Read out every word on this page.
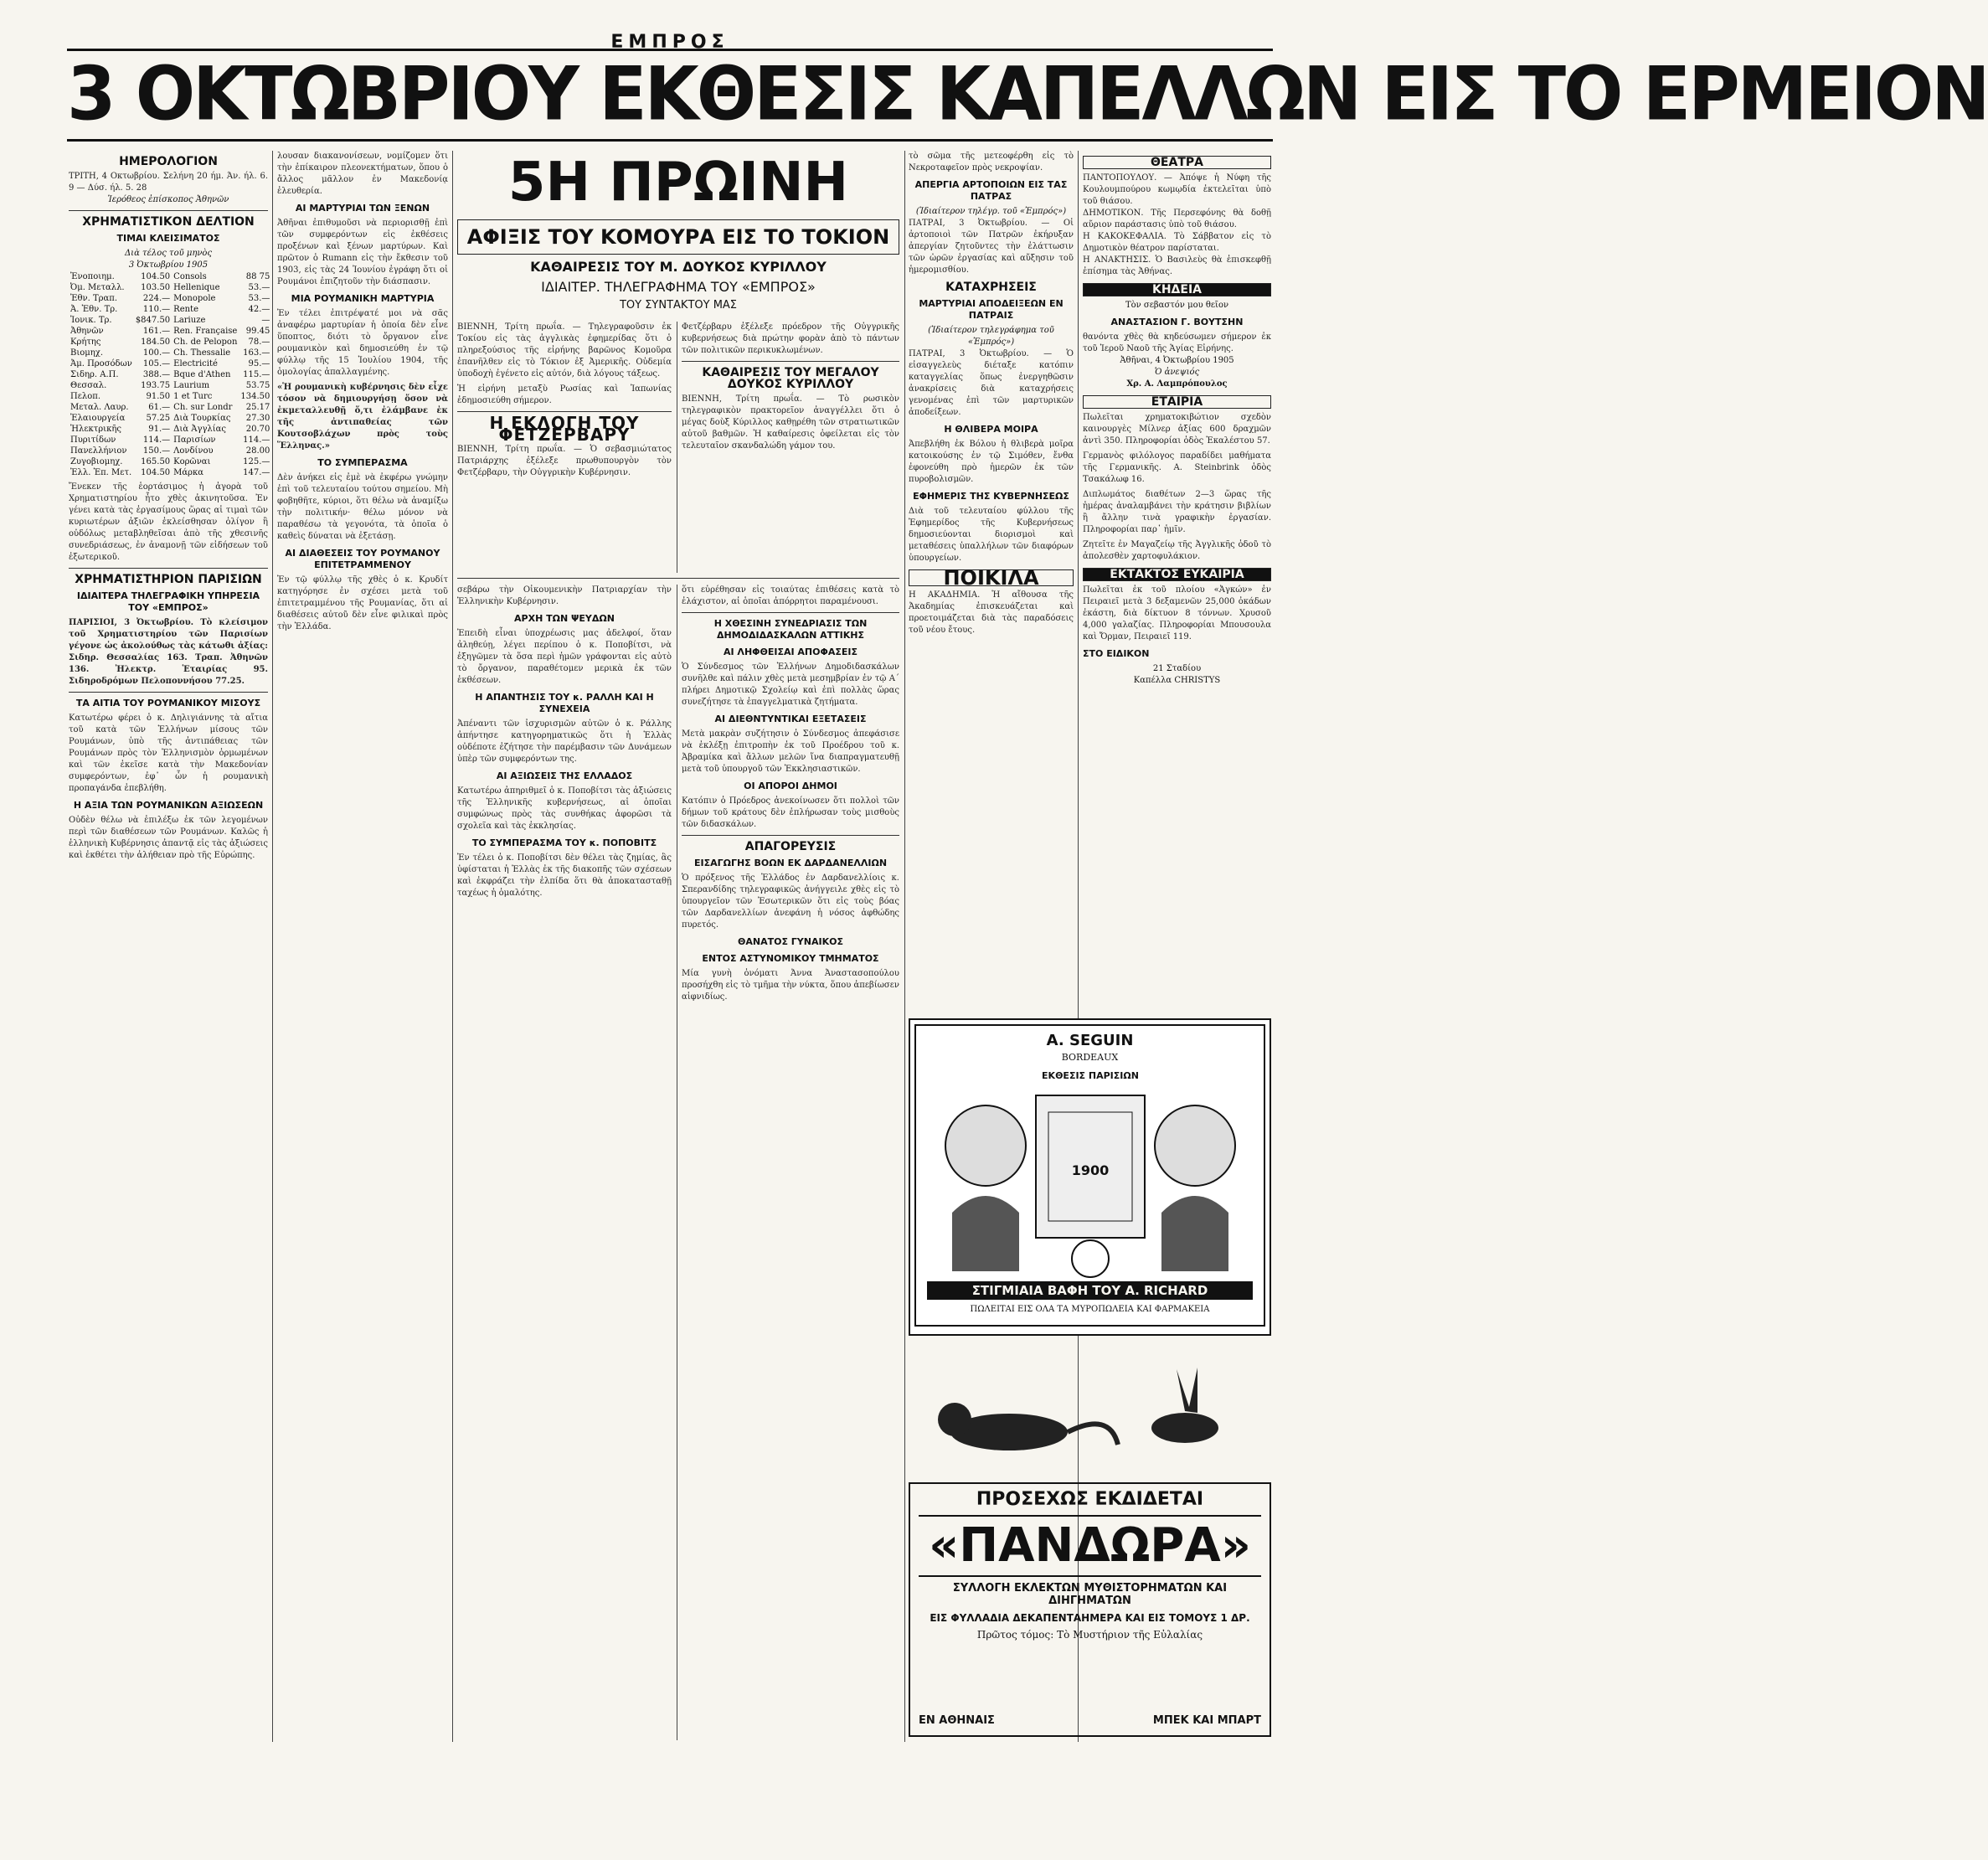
ΕΜΠΡΟΣ
3 ΟΚΤΩΒΡΙΟΥ ΕΚΘΕΣΙΣ ΚΑΠΕΛΛΩΝ ΕΙΣ ΤΟ ΕΡΜΕΙΟΝ
ΗΜΕΡΟΛΟΓΙΟΝ
ΤΡΙΤΗ, 4 Οκτωβρίου. Σελήνη 20 ήμ. Άν. ήλ. 6. 9 — Δύσ. ήλ. 5. 28
Ἱερόθεος ἐπίσκοπος Ἀθηνῶν
ΧΡΗΜΑΤΙΣΤΙΚΟΝ ΔΕΛΤΙΟΝ
ΤΙΜΑΙ ΚΛΕΙΣΙΜΑΤΟΣ
Διὰ τέλος τοῦ μηνὸς
3 Ὀκτωβρίου 1905
Ἐνοποιημ.	104.50	Consols	88 75
Ὀμ. Μεταλλ.	103.50	Hellenique	53.—
Ἐθν. Τραπ.	224.—	Monopole	53.—
Ἀ. Ἐθν. Τρ.	110.—	Rente	42.—
Ἰονικ. Τρ.	$847.50	Lariuze	—
Ἀθηνῶν	161.—	Ren. Française	99.45
Κρήτης	184.50	Ch. de Pelopon	78.—
Βιομηχ.	100.—	Ch. Thessalie	163.—
Ἀμ. Προσόδων	105.—	Electricité	95.—
Σιδηρ. Α.Π.	388.—	Bque d'Athen	115.—
Θεσσαλ.	193.75	Laurium	53.75
Πελοπ.	91.50	1 et Turc	134.50
Μεταλ. Λαυρ.	61.—	Ch. sur Londr	25.17
Ἐλαιουργεία	57.25	Διὰ Τουρκίας	27.30
Ἠλεκτρικῆς	91.—	Διὰ Ἀγγλίας	20.70
Πυριτίδων	114.—	Παρισίων	114.—
Πανελλήνιον	150.—	Λονδίνου	28.00
Ζυγοβιομηχ.	165.50	Κορῶναι	125.—
Ἐλλ. Ἐπ. Μετ.	104.50	Μάρκα	147.—
Ἔνεκεν τῆς ἑορτάσιμος ἡ ἀγορὰ τοῦ Χρηματιστηρίου ἦτο χθὲς ἀκινητοῦσα. Ἐν γένει κατὰ τὰς ἐργασίμους ὥρας αἱ τιμαὶ τῶν κυριωτέρων ἀξιῶν ἐκλείσθησαν ὀλίγον ἢ οὐδόλως μεταβληθεῖσαι ἀπὸ τῆς χθεσινῆς συνεδριάσεως, ἐν ἀναμονῇ τῶν εἰδήσεων τοῦ ἐξωτερικοῦ.
ΧΡΗΜΑΤΙΣΤΗΡΙΟΝ ΠΑΡΙΣΙΩΝ
ΙΔΙΑΙΤΕΡΑ ΤΗΛΕΓΡΑΦΙΚΗ ΥΠΗΡΕΣΙΑ ΤΟΥ «ΕΜΠΡΟΣ»
ΠΑΡΙΣΙΟΙ, 3 Ὀκτωβρίου. Τὸ κλείσιμον τοῦ Χρηματιστηρίου τῶν Παρισίων γέγονε ὡς ἀκολούθως τὰς κάτωθι ἀξίας: Σιδηρ. Θεσσαλίας 163. Τραπ. Ἀθηνῶν 136. Ἠλεκτρ. Ἑταιρίας 95. Σιδηροδρόμων Πελοποννήσου 77.25.
ΤΑ ΑΙΤΙΑ ΤΟΥ ΡΟΥΜΑΝΙΚΟΥ ΜΙΣΟΥΣ
Κατωτέρω φέρει ὁ κ. Δηλιγιάννης τὰ αἴτια τοῦ κατὰ τῶν Ἑλλήνων μίσους τῶν Ρουμάνων, ὑπὸ τῆς ἀντιπάθειας τῶν Ρουμάνων πρὸς τὸν Ἑλληνισμὸν ὁρμωμένων καὶ τῶν ἐκεῖσε κατὰ τὴν Μακεδονίαν συμφερόντων, ἐφ᾽ ὧν ἡ ρουμανικὴ προπαγάνδα ἐπεβλήθη.
Η ΑΞΙΑ ΤΩΝ ΡΟΥΜΑΝΙΚΩΝ ΑΞΙΩΣΕΩΝ
Οὐδὲν θέλω νὰ ἐπιλέξω ἐκ τῶν λεγομένων περὶ τῶν διαθέσεων τῶν Ρουμάνων. Καλῶς ἡ ἑλληνικὴ Κυβέρνησις ἀπαντᾷ εἰς τὰς ἀξιώσεις καὶ ἐκθέτει τὴν ἀλήθειαν πρὸ τῆς Εὐρώπης.
λουσαν διακανονίσεων, νομίζομεν ὅτι τὴν ἐπίκαιρον πλεονεκτήματων, ὅπου ὁ ἄλλος μᾶλλον ἐν Μακεδονίᾳ ἐλευθερία.
ΑΙ ΜΑΡΤΥΡΙΑΙ ΤΩΝ ΞΕΝΩΝ
Ἀθῆναι ἐπιθυμοῦσι νὰ περιορισθῇ ἐπὶ τῶν συμφερόντων εἰς ἐκθέσεις προξένων καὶ ξένων μαρτύρων. Καὶ πρῶτον ὁ Rumann εἰς τὴν ἔκθεσιν τοῦ 1903, εἰς τὰς 24 Ἰουνίου ἐγράφη ὅτι οἱ Ρουμάνοι ἐπιζητοῦν τὴν διάσπασιν.
ΜΙΑ ΡΟΥΜΑΝΙΚΗ ΜΑΡΤΥΡΙΑ
Ἐν τέλει ἐπιτρέψατέ μοι νὰ σᾶς ἀναφέρω μαρτυρίαν ἡ ὁποία δὲν εἶνε ὕποπτος, διότι τὸ ὄργανον εἶνε ρουμανικὸν καὶ δημοσιεύθη ἐν τῷ φύλλῳ τῆς 15 Ἰουλίου 1904, τῆς ὁμολογίας ἀπαλλαγμένης.
«Ἡ ρουμανικὴ κυβέρνησις δὲν εἶχε τόσον νὰ δημιουργήσῃ ὅσον νὰ ἐκμεταλλευθῇ ὅ,τι ἐλάμβανε ἐκ τῆς ἀντιπαθείας τῶν Κουτσοβλάχων πρὸς τοὺς Ἕλληνας.»
ΤΟ ΣΥΜΠΕΡΑΣΜΑ
Δὲν ἀνήκει εἰς ἐμὲ νὰ ἐκφέρω γνώμην ἐπὶ τοῦ τελευταίου τούτου σημείου. Μὴ φοβηθῆτε, κύριοι, ὅτι θέλω νὰ ἀναμίξω τὴν πολιτικήν· θέλω μόνον νὰ παραθέσω τὰ γεγονότα, τὰ ὁποῖα ὁ καθεὶς δύναται νὰ ἐξετάσῃ.
ΑΙ ΔΙΑΘΕΣΕΙΣ ΤΟΥ ΡΟΥΜΑΝΟΥ ΕΠΙΤΕΤΡΑΜΜΕΝΟΥ
Ἐν τῷ φύλλῳ τῆς χθὲς ὁ κ. Κρυδίτ κατηγόρησε ἐν σχέσει μετὰ τοῦ ἐπιτετραμμένου τῆς Ρουμανίας, ὅτι αἱ διαθέσεις αὐτοῦ δὲν εἶνε φιλικαὶ πρὸς τὴν Ἑλλάδα.
5Η ΠΡΩΙΝΗ
ΑΦΙΞΙΣ ΤΟΥ ΚΟΜΟΥΡΑ ΕΙΣ ΤΟ ΤΟΚΙΟΝ
ΚΑΘΑΙΡΕΣΙΣ ΤΟΥ Μ. ΔΟΥΚΟΣ ΚΥΡΙΛΛΟΥ
ΙΔΙΑΙΤΕΡ. ΤΗΛΕΓΡΑΦΗΜΑ ΤΟΥ «ΕΜΠΡΟΣ»
ΤΟΥ ΣΥΝΤΑΚΤΟΥ ΜΑΣ
ΒΙΕΝΝΗ, Τρίτη πρωΐα. — Τηλεγραφοῦσιν ἐκ Τοκίου εἰς τὰς ἀγγλικὰς ἐφημερίδας ὅτι ὁ πληρεξούσιος τῆς εἰρήνης βαρῶνος Κομοῦρα ἐπανῆλθεν εἰς τὸ Τόκιον ἐξ Ἀμερικῆς. Οὐδεμία ὑποδοχὴ ἐγένετο εἰς αὐτόν, διὰ λόγους τάξεως.
Ἡ εἰρήνη μεταξὺ Ρωσίας καὶ Ἰαπωνίας ἐδημοσιεύθη σήμερον.
Η ΕΚΛΟΓΗ ΤΟΥ ΦΕΤΖΕΡΒΑΡΥ
ΒΙΕΝΝΗ, Τρίτη πρωΐα. — Ὁ σεβασμιώτατος Πατριάρχης ἐξέλεξε πρωθυπουργὸν τὸν Φετζέρβαρυ, τὴν Οὐγγρικὴν Κυβέρνησιν.
Φετζέρβαρυ ἐξέλεξε πρόεδρον τῆς Οὐγγρικῆς κυβερνήσεως διὰ πρώτην φορὰν ἀπὸ τὸ πάντων τῶν πολιτικῶν περικυκλωμένων.
ΚΑΘΑΙΡΕΣΙΣ ΤΟΥ ΜΕΓΑΛΟΥ ΔΟΥΚΟΣ ΚΥΡΙΛΛΟΥ
ΒΙΕΝΝΗ, Τρίτη πρωΐα. — Τὸ ρωσικὸν τηλεγραφικὸν πρακτορεῖον ἀναγγέλλει ὅτι ὁ μέγας δοὺξ Κύριλλος καθῃρέθη τῶν στρατιωτικῶν αὐτοῦ βαθμῶν. Ἡ καθαίρεσις ὀφείλεται εἰς τὸν τελευταῖον σκανδαλώδη γάμον του.
σεβάρω τὴν Οἰκουμενικὴν Πατριαρχίαν τὴν Ἑλληνικὴν Κυβέρνησιν.
ΑΡΧΗ ΤΩΝ ΨΕΥΔΩΝ
Ἐπειδὴ εἶναι ὑποχρέωσις μας ἀδελφοί, ὅταν ἀληθεύῃ, λέγει περίπου ὁ κ. Ποποβίτσι, νὰ ἐξηγῶμεν τὰ ὅσα περὶ ἡμῶν γράφονται εἰς αὐτὸ τὸ ὄργανον, παραθέτομεν μερικὰ ἐκ τῶν ἐκθέσεων.
Η ΑΠΑΝΤΗΣΙΣ ΤΟΥ κ. ΡΑΛΛΗ ΚΑΙ Η ΣΥΝΕΧΕΙΑ
Ἀπέναντι τῶν ἰσχυρισμῶν αὐτῶν ὁ κ. Ράλλης ἀπήντησε κατηγορηματικῶς ὅτι ἡ Ἑλλὰς οὐδέποτε ἐζήτησε τὴν παρέμβασιν τῶν Δυνάμεων ὑπὲρ τῶν συμφερόντων της.
ΑΙ ΑΞΙΩΣΕΙΣ ΤΗΣ ΕΛΛΑΔΟΣ
Κατωτέρω ἀπηριθμεῖ ὁ κ. Ποποβίτσι τὰς ἀξιώσεις τῆς Ἑλληνικῆς κυβερνήσεως, αἱ ὁποῖαι συμφώνως πρὸς τὰς συνθήκας ἀφορῶσι τὰ σχολεῖα καὶ τὰς ἐκκλησίας.
ΤΟ ΣΥΜΠΕΡΑΣΜΑ ΤΟΥ κ. ΠΟΠΟΒΙΤΣ
Ἐν τέλει ὁ κ. Ποποβίτσι δὲν θέλει τὰς ζημίας, ἃς ὑφίσταται ἡ Ἑλλὰς ἐκ τῆς διακοπῆς τῶν σχέσεων καὶ ἐκφράζει τὴν ἐλπίδα ὅτι θὰ ἀποκατασταθῇ ταχέως ἡ ὁμαλότης.
ὅτι εὑρέθησαν εἰς τοιαύτας ἐπιθέσεις κατὰ τὸ ἐλάχιστον, αἱ ὁποῖαι ἀπόρρητοι παραμένουσι.
Η ΧΘΕΣΙΝΗ ΣΥΝΕΔΡΙΑΣΙΣ ΤΩΝ ΔΗΜΟΔΙΔΑΣΚΑΛΩΝ ΑΤΤΙΚΗΣ
ΑΙ ΛΗΦΘΕΙΣΑΙ ΑΠΟΦΑΣΕΙΣ
Ὁ Σύνδεσμος τῶν Ἑλλήνων Δημοδιδασκάλων συνῆλθε καὶ πάλιν χθὲς μετὰ μεσημβρίαν ἐν τῷ Α΄ πλήρει Δημοτικῷ Σχολείῳ καὶ ἐπὶ πολλὰς ὥρας συνεζήτησε τὰ ἐπαγγελματικὰ ζητήματα.
ΑΙ ΔΙΕΘΝΤΥΝΤΙΚΑΙ ΕΞΕΤΑΣΕΙΣ
Μετὰ μακρὰν συζήτησιν ὁ Σύνδεσμος ἀπεφάσισε νὰ ἐκλέξῃ ἐπιτροπὴν ἐκ τοῦ Προέδρου τοῦ κ. Ἀβραμίκα καὶ ἄλλων μελῶν ἵνα διαπραγματευθῇ μετὰ τοῦ ὑπουργοῦ τῶν Ἐκκλησιαστικῶν.
ΟΙ ΑΠΟΡΟΙ ΔΗΜΟΙ
Κατόπιν ὁ Πρόεδρος ἀνεκοίνωσεν ὅτι πολλοὶ τῶν δήμων τοῦ κράτους δὲν ἐπλήρωσαν τοὺς μισθοὺς τῶν διδασκάλων.
ΑΠΑΓΟΡΕΥΣΙΣ
ΕΙΣΑΓΩΓΗΣ ΒΟΩΝ ΕΚ ΔΑΡΔΑΝΕΛΛΙΩΝ
Ὁ πρόξενος τῆς Ἑλλάδος ἐν Δαρδανελλίοις κ. Σπερανδίδης τηλεγραφικῶς ἀνήγγειλε χθὲς εἰς τὸ ὑπουργεῖον τῶν Ἐσωτερικῶν ὅτι εἰς τοὺς βόας τῶν Δαρδανελλίων ἀνεφάνη ἡ νόσος ἀφθώδης πυρετός.
ΘΑΝΑΤΟΣ ΓΥΝΑΙΚΟΣ
ΕΝΤΟΣ ΑΣΤΥΝΟΜΙΚΟΥ ΤΜΗΜΑΤΟΣ
Μία γυνὴ ὀνόματι Ἀννα Ἀναστασοπούλου προσήχθη εἰς τὸ τμῆμα τὴν νύκτα, ὅπου ἀπεβίωσεν αἰφνιδίως.
τὸ σῶμα τῆς μετεοφέρθη εἰς τὸ Νεκροταφεῖον πρὸς νεκροψίαν.
ΑΠΕΡΓΙΑ ΑΡΤΟΠΟΙΩΝ ΕΙΣ ΤΑΣ ΠΑΤΡΑΣ
(Ἰδιαίτερον τηλέγρ. τοῦ «Ἐμπρός»)
ΠΑΤΡΑΙ, 3 Ὀκτωβρίου. — Οἱ ἀρτοποιοὶ τῶν Πατρῶν ἐκήρυξαν ἀπεργίαν ζητοῦντες τὴν ἐλάττωσιν τῶν ὡρῶν ἐργασίας καὶ αὔξησιν τοῦ ἡμερομισθίου.
ΚΑΤΑΧΡΗΣΕΙΣ
ΜΑΡΤΥΡΙΑΙ ΑΠΟΔΕΙΞΕΩΝ ΕΝ ΠΑΤΡΑΙΣ
(Ἰδιαίτερον τηλεγράφημα τοῦ «Ἐμπρός»)
ΠΑΤΡΑΙ, 3 Ὀκτωβρίου. — Ὁ εἰσαγγελεὺς διέταξε κατόπιν καταγγελίας ὅπως ἐνεργηθῶσιν ἀνακρίσεις διὰ καταχρήσεις γενομένας ἐπὶ τῶν μαρτυρικῶν ἀποδείξεων.
Η ΘΛΙΒΕΡΑ ΜΟΙΡΑ
Ἀπεβλήθη ἐκ Βόλου ἡ θλιβερὰ μοῖρα κατοικούσης ἐν τῷ Σιμόθεν, ἔνθα ἐφονεύθη πρὸ ἡμερῶν ἐκ τῶν πυροβολισμῶν.
ΕΦΗΜΕΡΙΣ ΤΗΣ ΚΥΒΕΡΝΗΣΕΩΣ
Διὰ τοῦ τελευταίου φύλλου τῆς Ἐφημερίδος τῆς Κυβερνήσεως δημοσιεύονται διορισμοὶ καὶ μεταθέσεις ὑπαλλήλων τῶν διαφόρων ὑπουργείων.
ΠΟΙΚΙΛΑ
Η ΑΚΑΔΗΜΙΑ. Ἡ αἴθουσα τῆς Ἀκαδημίας ἐπισκευάζεται καὶ προετοιμάζεται διὰ τὰς παραδόσεις τοῦ νέου ἔτους.
ΘΕΑΤΡΑ
ΠΑΝΤΟΠΟΥΛΟΥ. — Ἀπόψε ἡ Νύφη τῆς Κουλουμπούρου κωμῳδία ἐκτελεῖται ὑπὸ τοῦ θιάσου.
ΔΗΜΟΤΙΚΟΝ. Τῆς Περσεφόνης θὰ δοθῇ αὔριον παράστασις ὑπὸ τοῦ θιάσου.
Η ΚΑΚΟΚΕΦΑΛΙΑ. Τὸ Σάββατον εἰς τὸ Δημοτικὸν θέατρον παρίσταται.
Η ΑΝΑΚΤΗΣΙΣ. Ὁ Βασιλεὺς θὰ ἐπισκεφθῇ ἐπίσημα τὰς Ἀθήνας.
ΚΗΔΕΙΑ
Τὸν σεβαστόν μου θεῖον
ΑΝΑΣΤΑΣΙΟΝ Γ. ΒΟΥΤΣΗΝ
θανόντα χθὲς θὰ κηδεύσωμεν σήμερον ἐκ τοῦ Ἱεροῦ Ναοῦ τῆς Ἁγίας Εἰρήνης.
Ἀθῆναι, 4 Ὀκτωβρίου 1905
Ὁ ἀνεψιός
Χρ. Α. Λαμπρόπουλος
ΕΤΑΙΡΙΑ
Πωλεῖται χρηματοκιβώτιον σχεδὸν καινουργὲς Μίλνερ ἀξίας 600 δραχμῶν ἀντὶ 350. Πληροφορίαι ὁδὸς Ἑκαλέστου 57.
Γερμανὸς φιλόλογος παραδίδει μαθήματα τῆς Γερμανικῆς. Α. Steinbrink ὁδὸς Τσακάλωφ 16.
Διπλωμάτος διαθέτων 2—3 ὥρας τῆς ἡμέρας ἀναλαμβάνει τὴν κράτησιν βιβλίων ἢ ἄλλην τινὰ γραφικὴν ἐργασίαν. Πληροφορίαι παρ᾽ ἡμῖν.
Ζητεῖτε ἐν Μαγαζείῳ τῆς Ἀγγλικῆς ὁδοῦ τὸ ἀπολεσθὲν χαρτοφυλάκιον.
ΕΚΤΑΚΤΟΣ ΕΥΚΑΙΡΙΑ
Πωλεῖται ἐκ τοῦ πλοίου «Ἀγκών» ἐν Πειραιεῖ μετὰ 3 δεξαμενῶν 25,000 ὀκάδων ἐκάστη, διὰ δίκτυον 8 τόννων. Χρυσοῦ 4,000 γαλαζίας. Πληροφορίαι Μπουσουλα καὶ Ὄρμαν, Πειραιεῖ 119.
ΣΤΟ ΕΙΔΙΚΟΝ
21 Σταδίου
Καπέλλα CHRISTYS
A. SEGUIN
BORDEAUX
ΕΚΘΕΣΙΣ ΠΑΡΙΣΙΩΝ
1900
ΣΤΙΓΜΙΑΙΑ ΒΑΦΗ ΤΟΥ Α. RICHARD
ΠΩΛΕΙΤΑΙ ΕΙΣ ΟΛΑ ΤΑ ΜΥΡΟΠΩΛΕΙΑ ΚΑΙ ΦΑΡΜΑΚΕΙΑ
ΠΡΟΣΕΧΩΣ ΕΚΔΙΔΕΤΑΙ
«ΠΑΝΔΩΡΑ»
ΣΥΛΛΟΓΗ ΕΚΛΕΚΤΩΝ ΜΥΘΙΣΤΟΡΗΜΑΤΩΝ ΚΑΙ ΔΙΗΓΗΜΑΤΩΝ
ΕΙΣ ΦΥΛΛΑΔΙΑ ΔΕΚΑΠΕΝΤΑΗΜΕΡΑ ΚΑΙ ΕΙΣ ΤΟΜΟΥΣ 1 ΔΡ.
Πρῶτος τόμος: Τὸ Μυστήριον τῆς Εὐλαλίας
ΕΝ ΑΘΗΝΑΙΣ	ΜΠΕΚ ΚΑΙ ΜΠΑΡΤ
